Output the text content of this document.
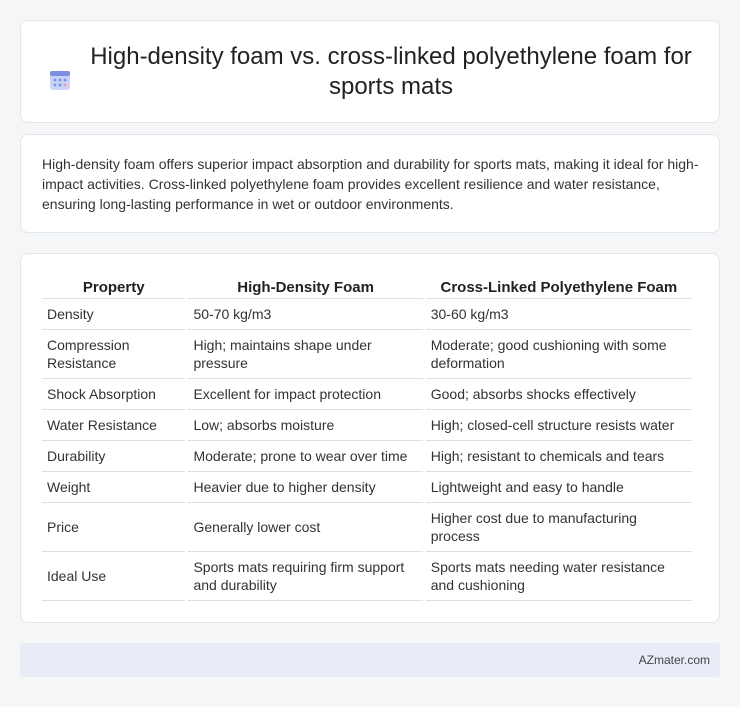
High-density foam vs. cross-linked polyethylene foam for sports mats

High-density foam offers superior impact absorption and durability for sports mats, making it ideal for high-impact activities. Cross-linked polyethylene foam provides excellent resilience and water resistance, ensuring long-lasting performance in wet or outdoor environments.

Property	High-Density Foam	Cross-Linked Polyethylene Foam
Density	50-70 kg/m3	30-60 kg/m3
Compression Resistance	High; maintains shape under pressure	Moderate; good cushioning with some deformation
Shock Absorption	Excellent for impact protection	Good; absorbs shocks effectively
Water Resistance	Low; absorbs moisture	High; closed-cell structure resists water
Durability	Moderate; prone to wear over time	High; resistant to chemicals and tears
Weight	Heavier due to higher density	Lightweight and easy to handle
Price	Generally lower cost	Higher cost due to manufacturing process
Ideal Use	Sports mats requiring firm support and durability	Sports mats needing water resistance and cushioning
AZmater.com
